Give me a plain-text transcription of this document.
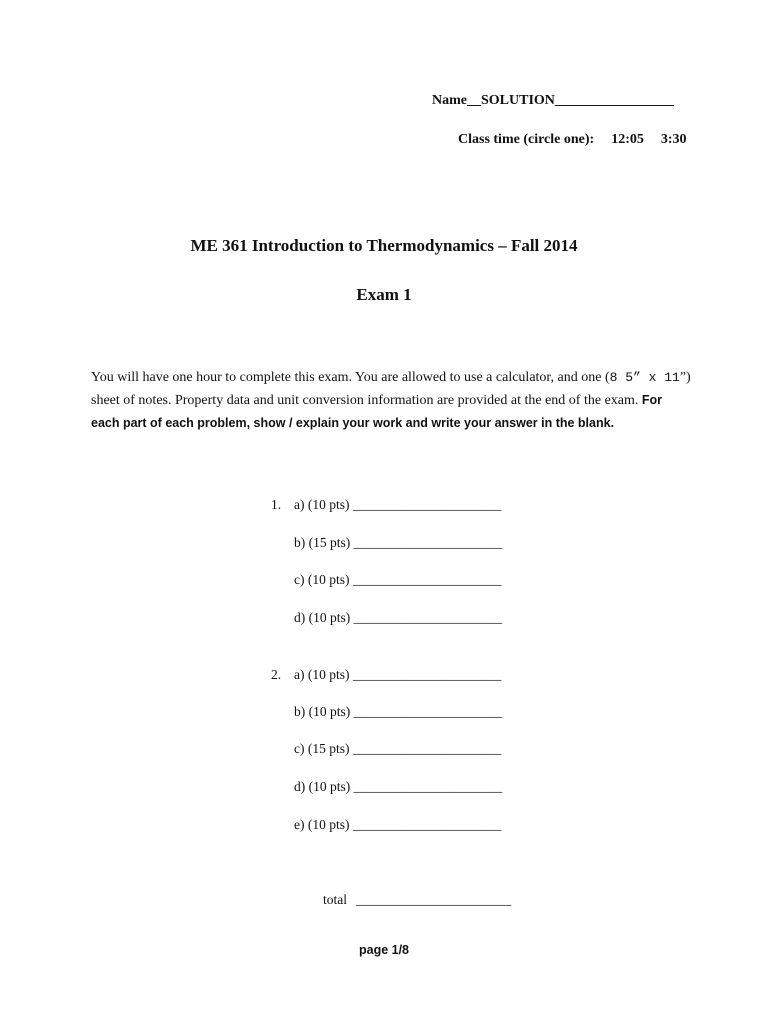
Name__SOLUTION_________________
Class time (circle one): 12:05 3:30
ME 361 Introduction to Thermodynamics – Fall 2014
Exam 1
You will have one hour to complete this exam. You are allowed to use a calculator, and one (8 5” x 11”) sheet of notes. Property data and unit conversion information are provided at the end of the exam. For each part of each problem, show / explain your work and write your answer in the blank.
1. a) (10 pts) ______________________
b) (15 pts) ______________________
c) (10 pts) ______________________
d) (10 pts) ______________________
2. a) (10 pts) ______________________
b) (10 pts) ______________________
c) (15 pts) ______________________
d) (10 pts) ______________________
e) (10 pts) ______________________
total _______________________
page 1/8
